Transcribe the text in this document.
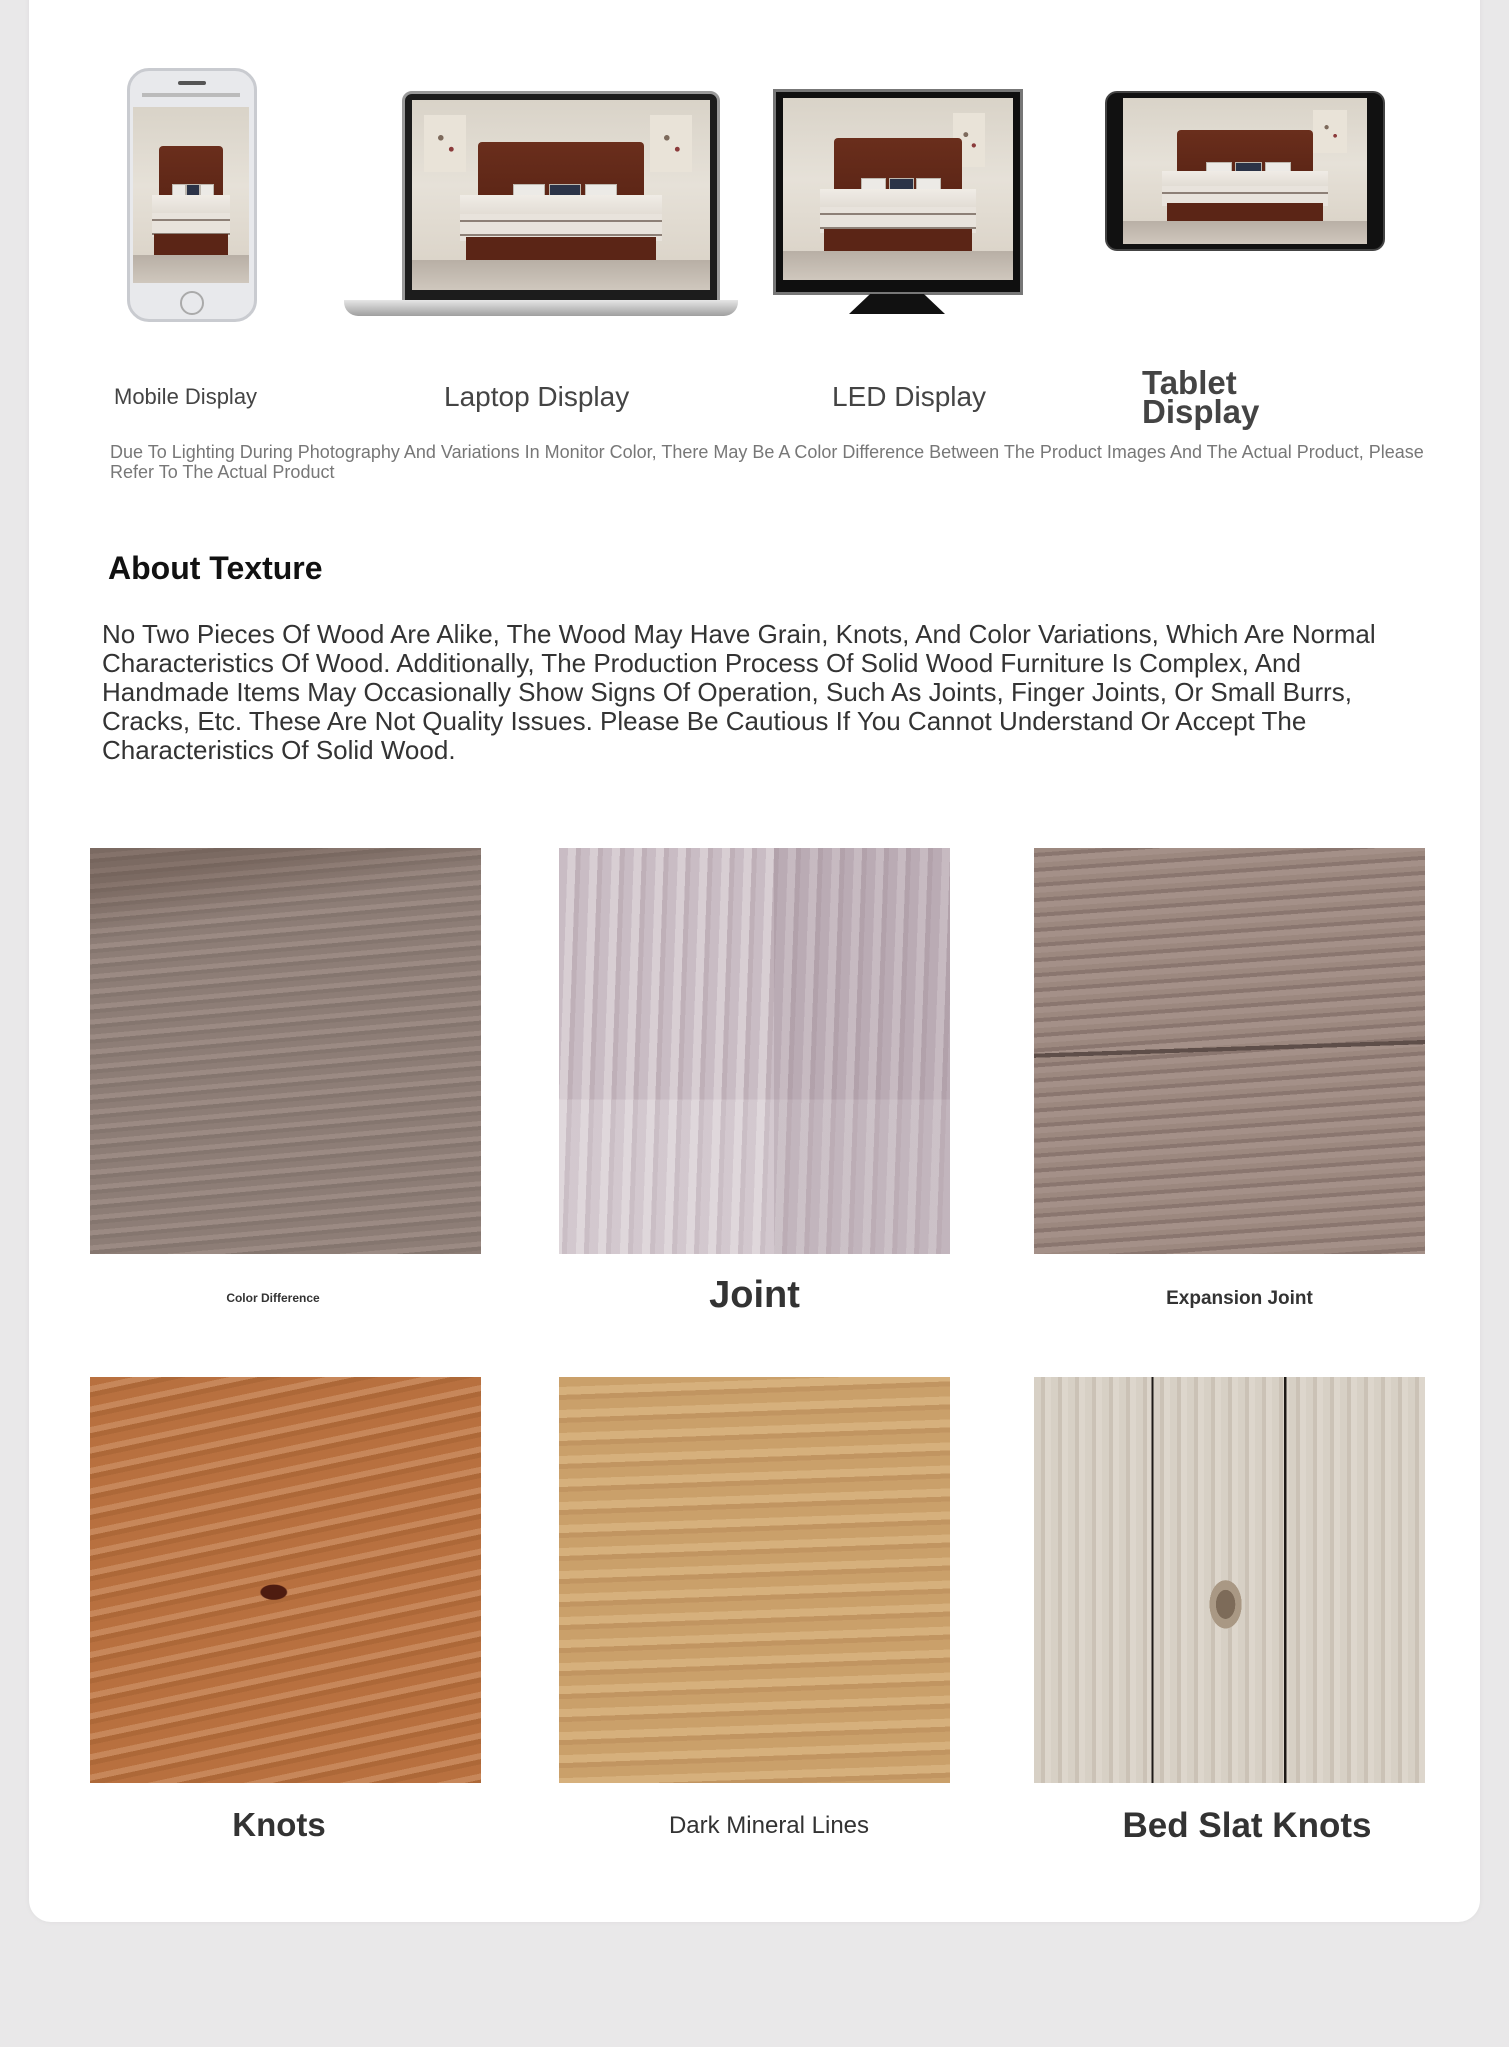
Mobile Display	Laptop Display	LED Display	Tablet Display
Due To Lighting During Photography And Variations In Monitor Color, There May Be A Color Difference Between The Product Images And The Actual Product, Please Refer To The Actual Product
About Texture
No Two Pieces Of Wood Are Alike, The Wood May Have Grain, Knots, And Color Variations, Which Are Normal Characteristics Of Wood. Additionally, The Production Process Of Solid Wood Furniture Is Complex, And Handmade Items May Occasionally Show Signs Of Operation, Such As Joints, Finger Joints, Or Small Burrs, Cracks, Etc. These Are Not Quality Issues. Please Be Cautious If You Cannot Understand Or Accept The Characteristics Of Solid Wood.
Color Difference	Joint	Expansion Joint
Knots	Dark Mineral Lines	Bed Slat Knots
